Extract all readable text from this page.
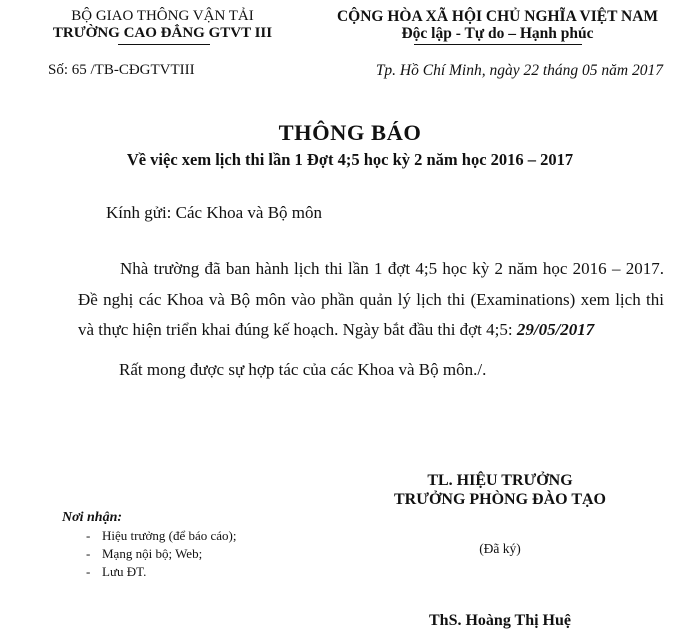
BỘ GIAO THÔNG VẬN TẢI
TRƯỜNG CAO ĐẲNG GTVT III
Số: 65 /TB-CĐGTVTIII
CỘNG HÒA XÃ HỘI CHỦ NGHĨA VIỆT NAM
Độc lập - Tự do – Hạnh phúc
Tp. Hồ Chí Minh, ngày 22 tháng 05 năm 2017
THÔNG BÁO
Về việc xem lịch thi lần 1 Đợt 4;5 học kỳ 2 năm học 2016 – 2017
Kính gửi: Các Khoa và Bộ môn
Nhà trường đã ban hành lịch thi lần 1 đợt 4;5 học kỳ 2 năm học 2016 – 2017. Đề nghị các Khoa và Bộ môn vào phần quản lý lịch thi (Examinations) xem lịch thi và thực hiện triển khai đúng kế hoạch. Ngày bắt đầu thi đợt 4;5: 29/05/2017
Rất mong được sự hợp tác của các Khoa và Bộ môn./.
TL. HIỆU TRƯỞNG
TRƯỞNG PHÒNG ĐÀO TẠO
(Đã ký)
ThS. Hoàng Thị Huệ
Nơi nhận:
- Hiệu trưởng (để báo cáo);
- Mạng nội bộ; Web;
- Lưu ĐT.
